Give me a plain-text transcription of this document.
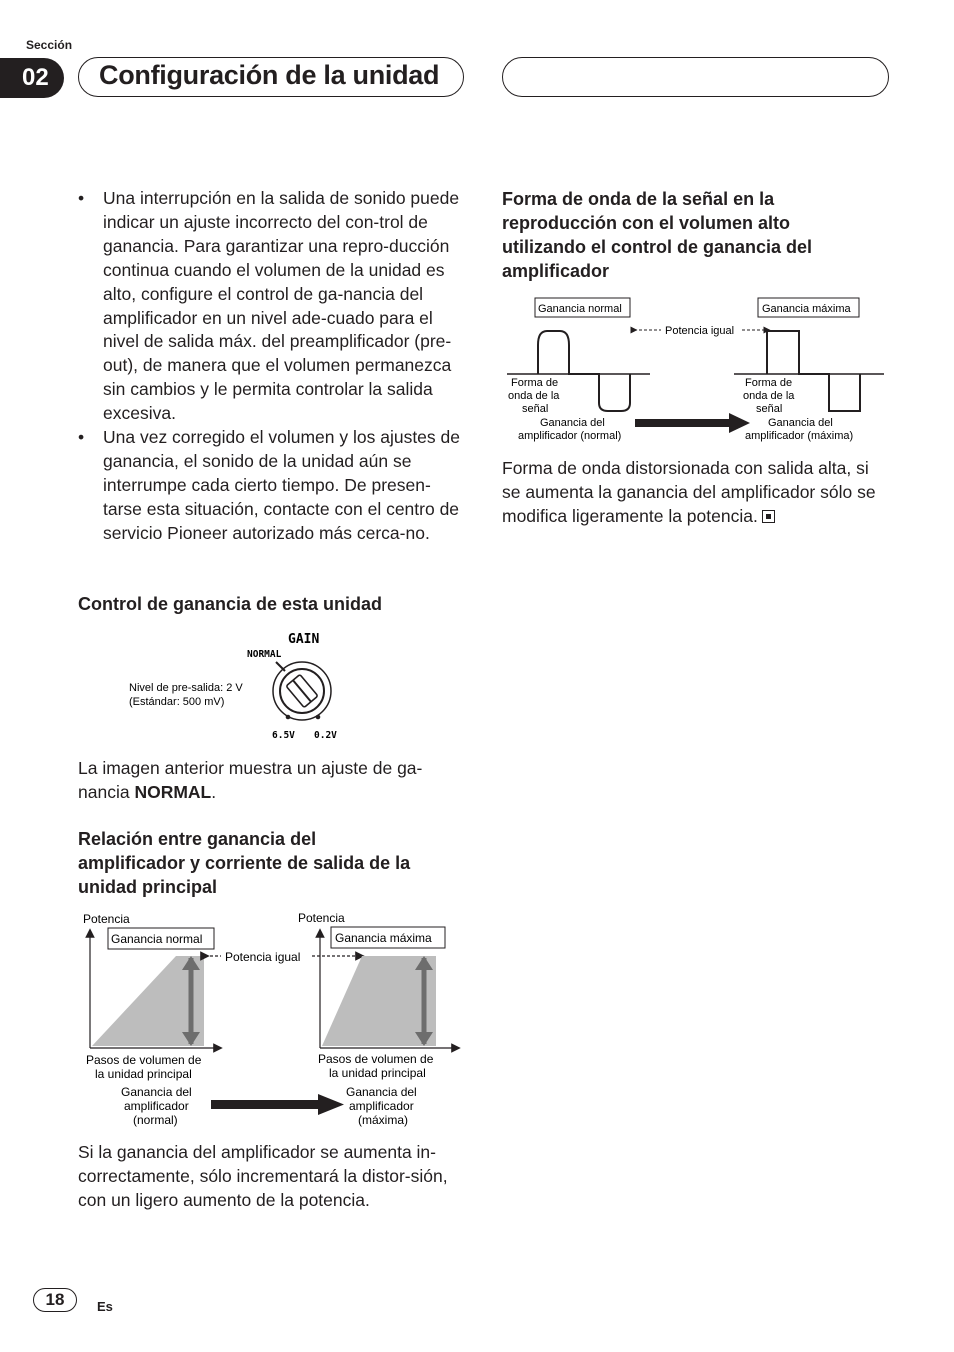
Sección
02	Configuración de la unidad
• Una interrupción en la salida de sonido puede indicar un ajuste incorrecto del con-trol de ganancia. Para garantizar una repro-ducción continua cuando el volumen de la unidad es alto, configure el control de ga-nancia del amplificador en un nivel ade-cuado para el nivel de salida máx. del preamplificador (pre-out), de manera que el volumen permanezca sin cambios y le permita controlar la salida excesiva.
• Una vez corregido el volumen y los ajustes de ganancia, el sonido de la unidad aún se interrumpe cada cierto tiempo. De presen-tarse esta situación, contacte con el centro de servicio Pioneer autorizado más cerca-no.
Control de ganancia de esta unidad
GAIN
NORMAL
Nivel de pre-salida: 2 V
(Estándar: 500 mV)
6.5V 0.2V
La imagen anterior muestra un ajuste de ga-nancia NORMAL.
Relación entre ganancia del
amplificador y corriente de salida de la
unidad principal
Potencia
Ganancia normal
Pasos de volumen de
la unidad principal
Ganancia del
amplificador
(normal)
Potencia igual
Potencia
Ganancia máxima
Pasos de volumen de
la unidad principal
Ganancia del
amplificador
(máxima)
Si la ganancia del amplificador se aumenta in-correctamente, sólo incrementará la distor-sión, con un ligero aumento de la potencia.
Forma de onda de la señal en la
reproducción con el volumen alto
utilizando el control de ganancia del
amplificador
Ganancia normal	Ganancia máxima
Potencia igual
Forma de
onda de la
señal
Forma de
onda de la
señal
Ganancia del
amplificador (normal)
Ganancia del
amplificador (máxima)
Forma de onda distorsionada con salida alta, si se aumenta la ganancia del amplificador sólo se modifica ligeramente la potencia.
18	Es
